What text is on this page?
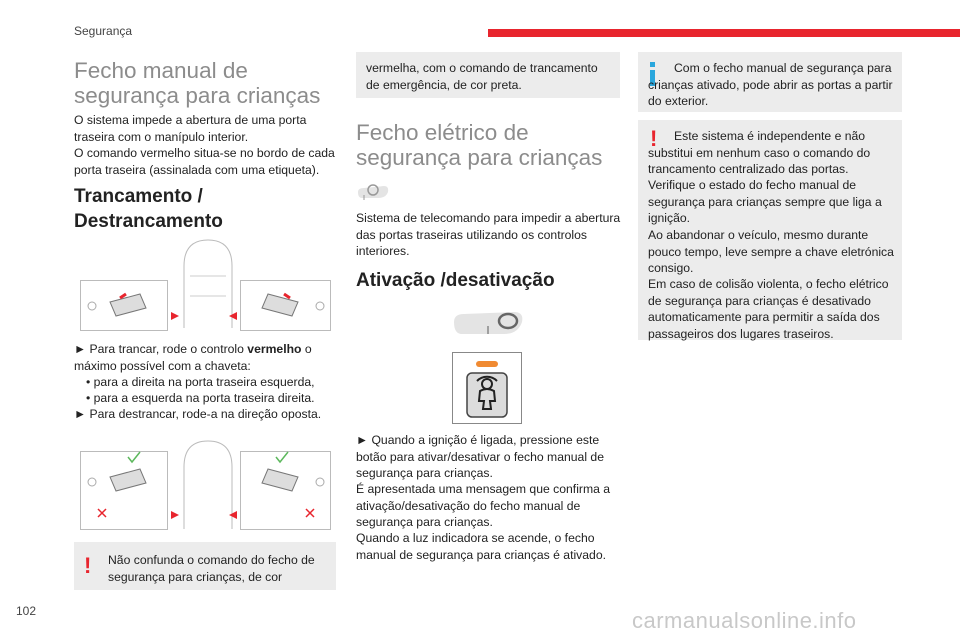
Segurança
Fecho manual de segurança para crianças

O sistema impede a abertura de uma porta traseira com o manípulo interior.

O comando vermelho situa-se no bordo de cada porta traseira (assinalada com uma etiqueta).

Trancamento / Destrancamento

► Para trancar, rode o controlo vermelho o máximo possível com a chaveta:

• para a direita na porta traseira esquerda,

• para a esquerda na porta traseira direita.

► Para destrancar, rode-a na direção oposta.

! Não confunda o comando do fecho de segurança para crianças, de cor

vermelha, com o comando de trancamento de emergência, de cor preta.

Fecho elétrico de segurança para crianças

Sistema de telecomando para impedir a abertura das portas traseiras utilizando os controlos interiores.

Ativação /desativação

► Quando a ignição é ligada, pressione este botão para ativar/desativar o fecho manual de segurança para crianças.

É apresentada uma mensagem que confirma a ativação/desativação do fecho manual de segurança para crianças.

Quando a luz indicadora se acende, o fecho manual de segurança para crianças é ativado.

Com o fecho manual de segurança para crianças ativado, pode abrir as portas a partir do exterior.

!	Este sistema é independente e não substitui em nenhum caso o comando do trancamento centralizado das portas.

Verifique o estado do fecho manual de segurança para crianças sempre que liga a ignição.

Ao abandonar o veículo, mesmo durante pouco tempo, leve sempre a chave eletrónica consigo.

Em caso de colisão violenta, o fecho elétrico de segurança para crianças é desativado automaticamente para permitir a saída dos passageiros dos lugares traseiros.

102	carmanualsonline.info
